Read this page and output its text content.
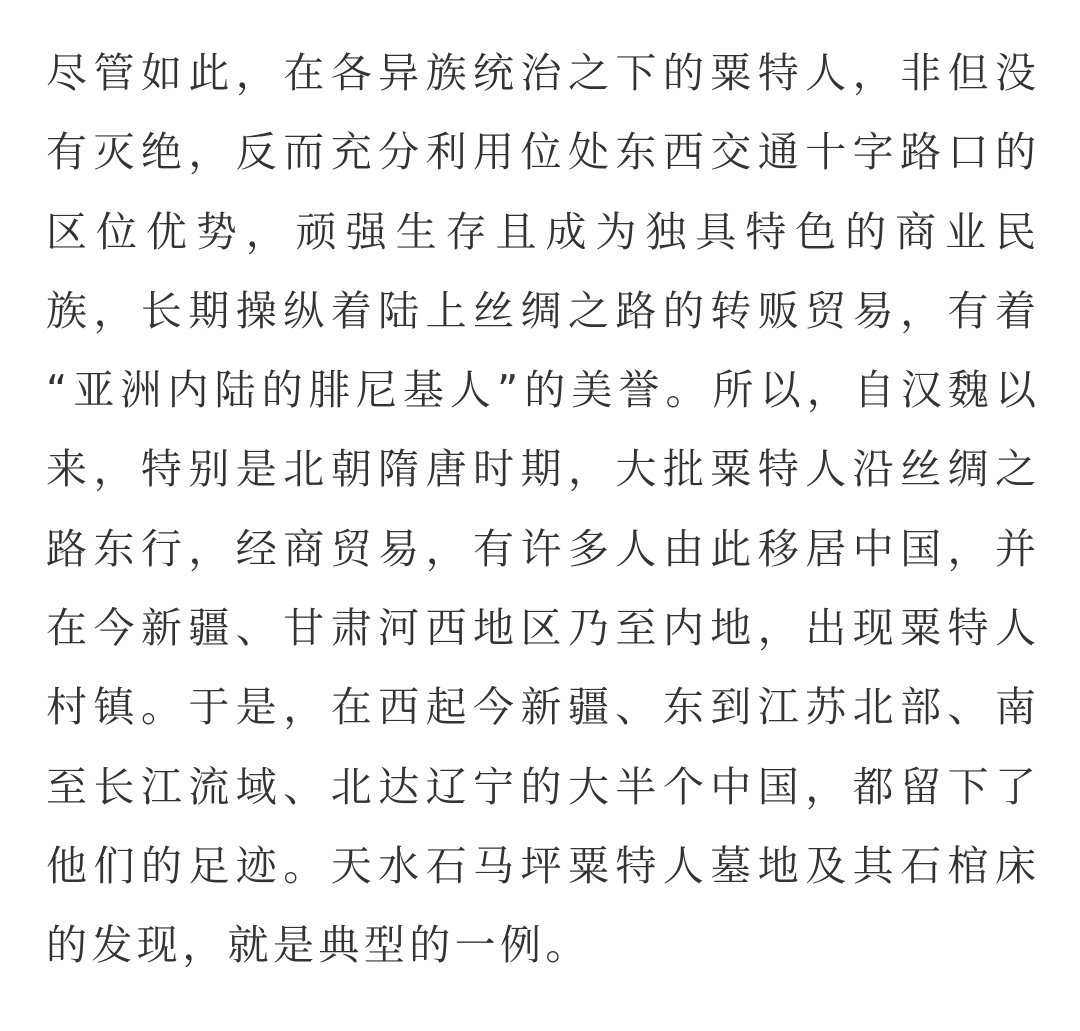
尽管如此，在各异族统治之下的粟特人，非但没
有灭绝，反而充分利用位处东西交通十字路口的
区位优势，顽强生存且成为独具特色的商业民
族，长期操纵着陆上丝绸之路的转贩贸易，有着
“亚洲内陆的腓尼基人”的美誉。所以，自汉魏以
来，特别是北朝隋唐时期，大批粟特人沿丝绸之
路东行，经商贸易，有许多人由此移居中国，并
在今新疆、甘肃河西地区乃至内地，出现粟特人
村镇。于是，在西起今新疆、东到江苏北部、南
至长江流域、北达辽宁的大半个中国，都留下了
他们的足迹。天水石马坪粟特人墓地及其石棺床
的发现，就是典型的一例。
